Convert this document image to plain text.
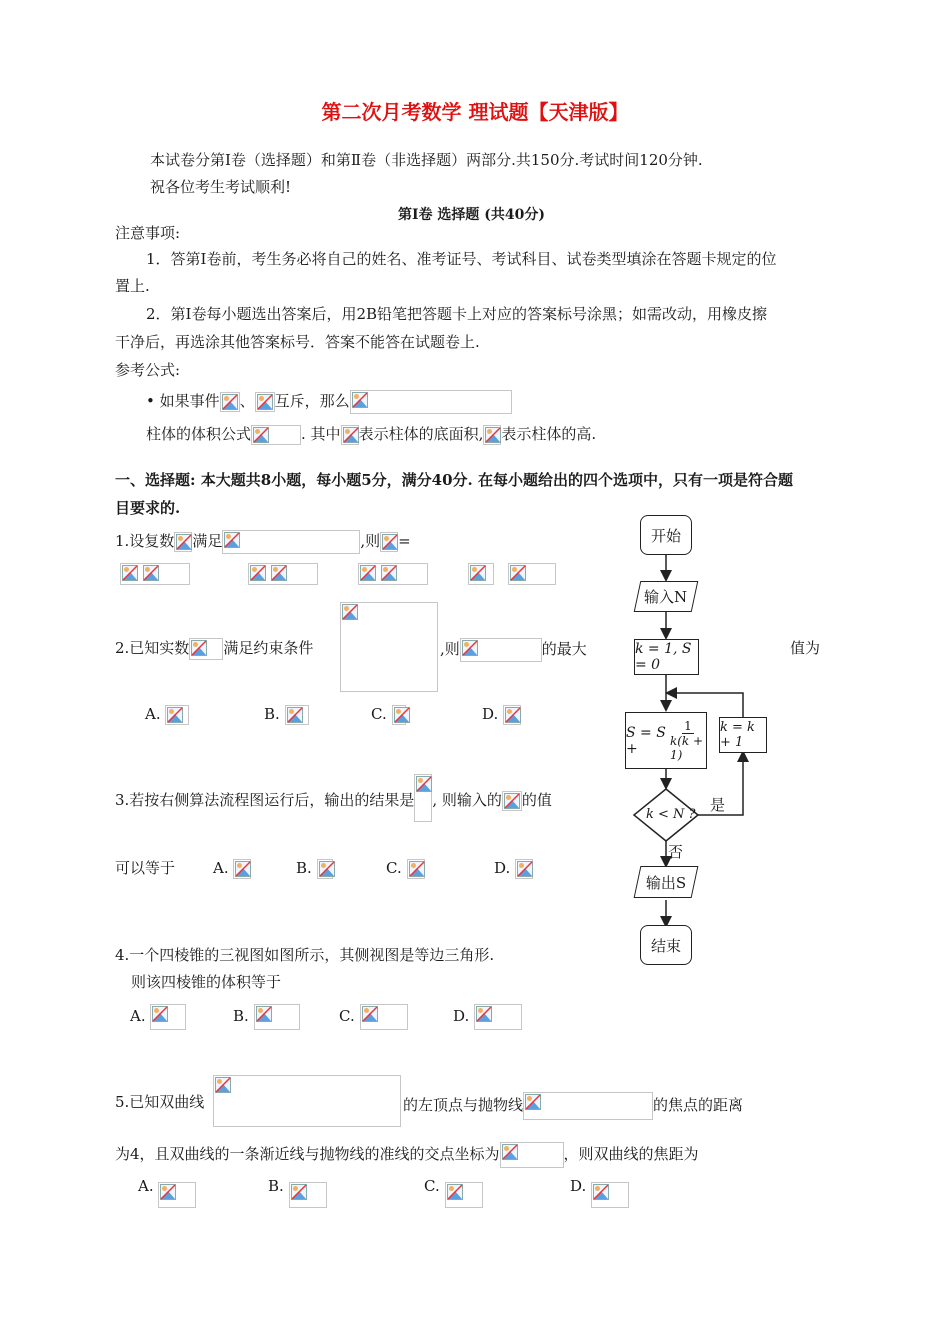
第二次月考数学 理试题【天津版】
本试卷分第Ⅰ卷（选择题）和第Ⅱ卷（非选择题）两部分.共150分.考试时间120分钟.
祝各位考生考试顺利!
第Ⅰ卷 选择题 (共40分)
注意事项:
1．答第Ⅰ卷前，考生务必将自己的姓名、准考证号、考试科目、试卷类型填涂在答题卡规定的位
置上.
2．第Ⅰ卷每小题选出答案后，用2B铅笔把答题卡上对应的答案标号涂黑；如需改动，用橡皮擦
干净后，再选涂其他答案标号．答案不能答在试题卷上.
参考公式:
• 如果事件 、 互斥，那么
柱体的体积公式	. 其中 表示柱体的底面积, 表示柱体的高.
一、选择题: 本大题共8小题，每小题5分，满分40分. 在每小题给出的四个选项中，只有一项是符合题
目要求的.
1.设复数 满足	,则 =
2.已知实数 满足约束条件	,则	的最大	值为
A.	B.	C.	D.
3.若按右侧算法流程图运行后，输出的结果是 , 则输入的 的值
可以等于	A.	B.	C.	D.
4.一个四棱锥的三视图如图所示，其侧视图是等边三角形.
则该四棱锥的体积等于
A.	B.	C.	D.
5.已知双曲线	的左顶点与抛物线	的焦点的距离
为4，且双曲线的一条渐近线与抛物线的准线的交点坐标为	，则双曲线的焦距为
A.	B.	C.	D.
开始
输入N
k = 1, S = 0
S = S +	$\frac{1}{k(k + 1)}$ k = k + 1
k < N ?
是
否
输出S
结束
